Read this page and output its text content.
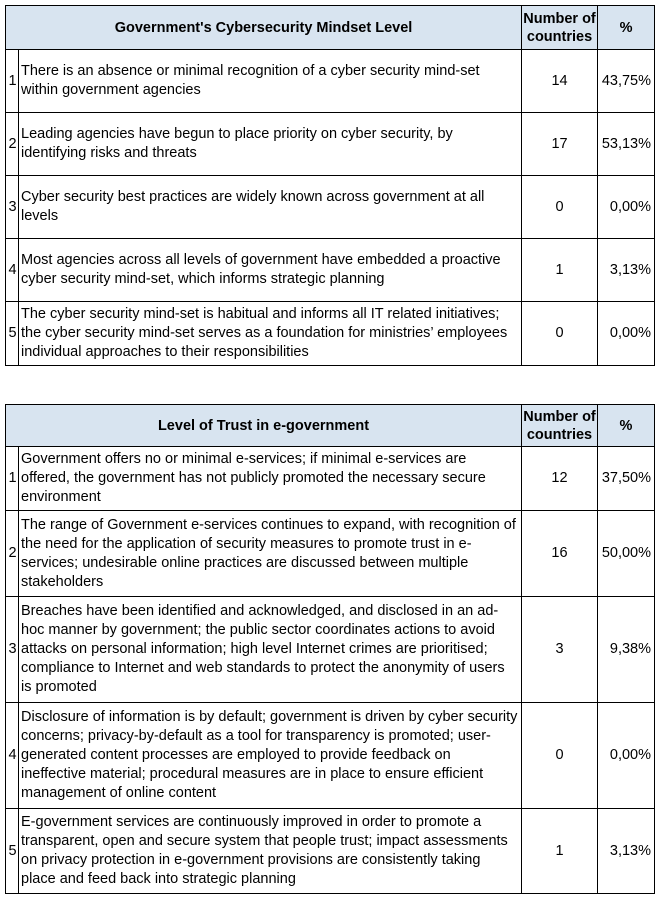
Government's Cybersecurity Mindset Level		Number of countries	%
1	There is an absence or minimal recognition of a cyber security mind-set within government agencies	14	43,75%
2	Leading agencies have begun to place priority on cyber security, by identifying risks and threats	17	53,13%
3	Cyber security best practices are widely known across government at all levels	0	0,00%
4	Most agencies across all levels of government have embedded a proactive cyber security mind-set, which informs strategic planning	1	3,13%
5	The cyber security mind-set is habitual and informs all IT related initiatives; the cyber security mind-set serves as a foundation for ministries’ employees individual approaches to their responsibilities	0	0,00%
Level of Trust in e-government		Number of countries	%
1	Government offers no or minimal e-services; if minimal e-services are offered, the government has not publicly promoted the necessary secure environment	12	37,50%
2	The range of Government e-services continues to expand, with recognition of the need for the application of security measures to promote trust in e-services; undesirable online practices are discussed between multiple stakeholders	16	50,00%
3	Breaches have been identified and acknowledged, and disclosed in an ad-hoc manner by government; the public sector coordinates actions to avoid attacks on personal information; high level Internet crimes are prioritised; compliance to Internet and web standards to protect the anonymity of users is promoted	3	9,38%
4	Disclosure of information is by default; government is driven by cyber security concerns; privacy-by-default as a tool for transparency is promoted; user-generated content processes are employed to provide feedback on ineffective material; procedural measures are in place to ensure efficient management of online content	0	0,00%
5	E-government services are continuously improved in order to promote a transparent, open and secure system that people trust; impact assessments on privacy protection in e-government provisions are consistently taking place and feed back into strategic planning	1	3,13%
